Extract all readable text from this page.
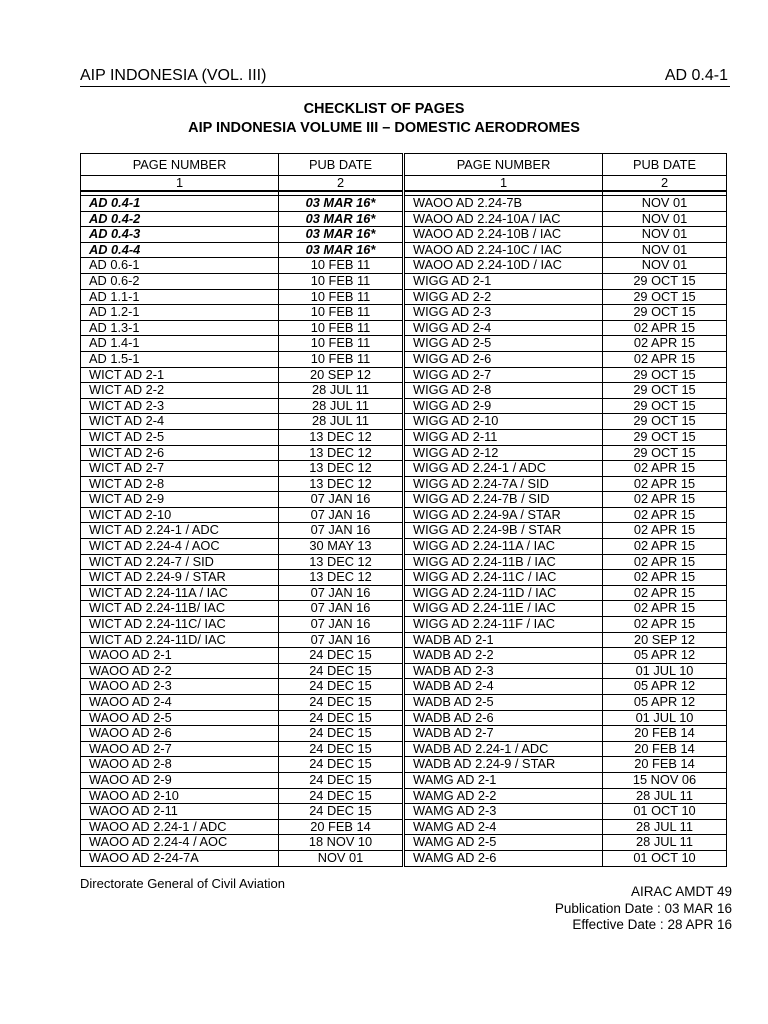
AIP INDONESIA (VOL. III)	AD 0.4-1
CHECKLIST OF PAGES
AIP INDONESIA VOLUME III – DOMESTIC AERODROMES
PAGE NUMBER	PUB DATE
1	2

AD 0.4-1	03 MAR 16*
AD 0.4-2	03 MAR 16*
AD 0.4-3	03 MAR 16*
AD 0.4-4	03 MAR 16*
AD 0.6-1	10 FEB 11
AD 0.6-2	10 FEB 11
AD 1.1-1	10 FEB 11
AD 1.2-1	10 FEB 11
AD 1.3-1	10 FEB 11
AD 1.4-1	10 FEB 11
AD 1.5-1	10 FEB 11
WICT AD 2-1	20 SEP 12
WICT AD 2-2	28 JUL 11
WICT AD 2-3	28 JUL 11
WICT AD 2-4	28 JUL 11
WICT AD 2-5	13 DEC 12
WICT AD 2-6	13 DEC 12
WICT AD 2-7	13 DEC 12
WICT AD 2-8	13 DEC 12
WICT AD 2-9	07 JAN 16
WICT AD 2-10	07 JAN 16
WICT AD 2.24-1 / ADC	07 JAN 16
WICT AD 2.24-4 / AOC	30 MAY 13
WICT AD 2.24-7 / SID	13 DEC 12
WICT AD 2.24-9 / STAR	13 DEC 12
WICT AD 2.24-11A / IAC	07 JAN 16
WICT AD 2.24-11B/ IAC	07 JAN 16
WICT AD 2.24-11C/ IAC	07 JAN 16
WICT AD 2.24-11D/ IAC	07 JAN 16
WAOO AD 2-1	24 DEC 15
WAOO AD 2-2	24 DEC 15
WAOO AD 2-3	24 DEC 15
WAOO AD 2-4	24 DEC 15
WAOO AD 2-5	24 DEC 15
WAOO AD 2-6	24 DEC 15
WAOO AD 2-7	24 DEC 15
WAOO AD 2-8	24 DEC 15
WAOO AD 2-9	24 DEC 15
WAOO AD 2-10	24 DEC 15
WAOO AD 2-11	24 DEC 15
WAOO AD 2.24-1 / ADC	20 FEB 14
WAOO AD 2.24-4 / AOC	18 NOV 10
WAOO AD 2-24-7A	NOV 01
PAGE NUMBER	PUB DATE
1	2

WAOO AD 2.24-7B	NOV 01
WAOO AD 2.24-10A / IAC	NOV 01
WAOO AD 2.24-10B / IAC	NOV 01
WAOO AD 2.24-10C / IAC	NOV 01
WAOO AD 2.24-10D / IAC	NOV 01
WIGG AD 2-1	29 OCT 15
WIGG AD 2-2	29 OCT 15
WIGG AD 2-3	29 OCT 15
WIGG AD 2-4	02 APR 15
WIGG AD 2-5	02 APR 15
WIGG AD 2-6	02 APR 15
WIGG AD 2-7	29 OCT 15
WIGG AD 2-8	29 OCT 15
WIGG AD 2-9	29 OCT 15
WIGG AD 2-10	29 OCT 15
WIGG AD 2-11	29 OCT 15
WIGG AD 2-12	29 OCT 15
WIGG AD 2.24-1 / ADC	02 APR 15
WIGG AD 2.24-7A / SID	02 APR 15
WIGG AD 2.24-7B / SID	02 APR 15
WIGG AD 2.24-9A / STAR	02 APR 15
WIGG AD 2.24-9B / STAR	02 APR 15
WIGG AD 2.24-11A / IAC	02 APR 15
WIGG AD 2.24-11B / IAC	02 APR 15
WIGG AD 2.24-11C / IAC	02 APR 15
WIGG AD 2.24-11D / IAC	02 APR 15
WIGG AD 2.24-11E / IAC	02 APR 15
WIGG AD 2.24-11F / IAC	02 APR 15
WADB AD 2-1	20 SEP 12
WADB AD 2-2	05 APR 12
WADB AD 2-3	01 JUL 10
WADB AD 2-4	05 APR 12
WADB AD 2-5	05 APR 12
WADB AD 2-6	01 JUL 10
WADB AD 2-7	20 FEB 14
WADB AD 2.24-1 / ADC	20 FEB 14
WADB AD 2.24-9 / STAR	20 FEB 14
WAMG AD 2-1	15 NOV 06
WAMG AD 2-2	28 JUL 11
WAMG AD 2-3	01 OCT 10
WAMG AD 2-4	28 JUL 11
WAMG AD 2-5	28 JUL 11
WAMG AD 2-6	01 OCT 10
Directorate General of Civil Aviation
AIRAC AMDT 49
Publication Date : 03 MAR 16
Effective Date : 28 APR 16
